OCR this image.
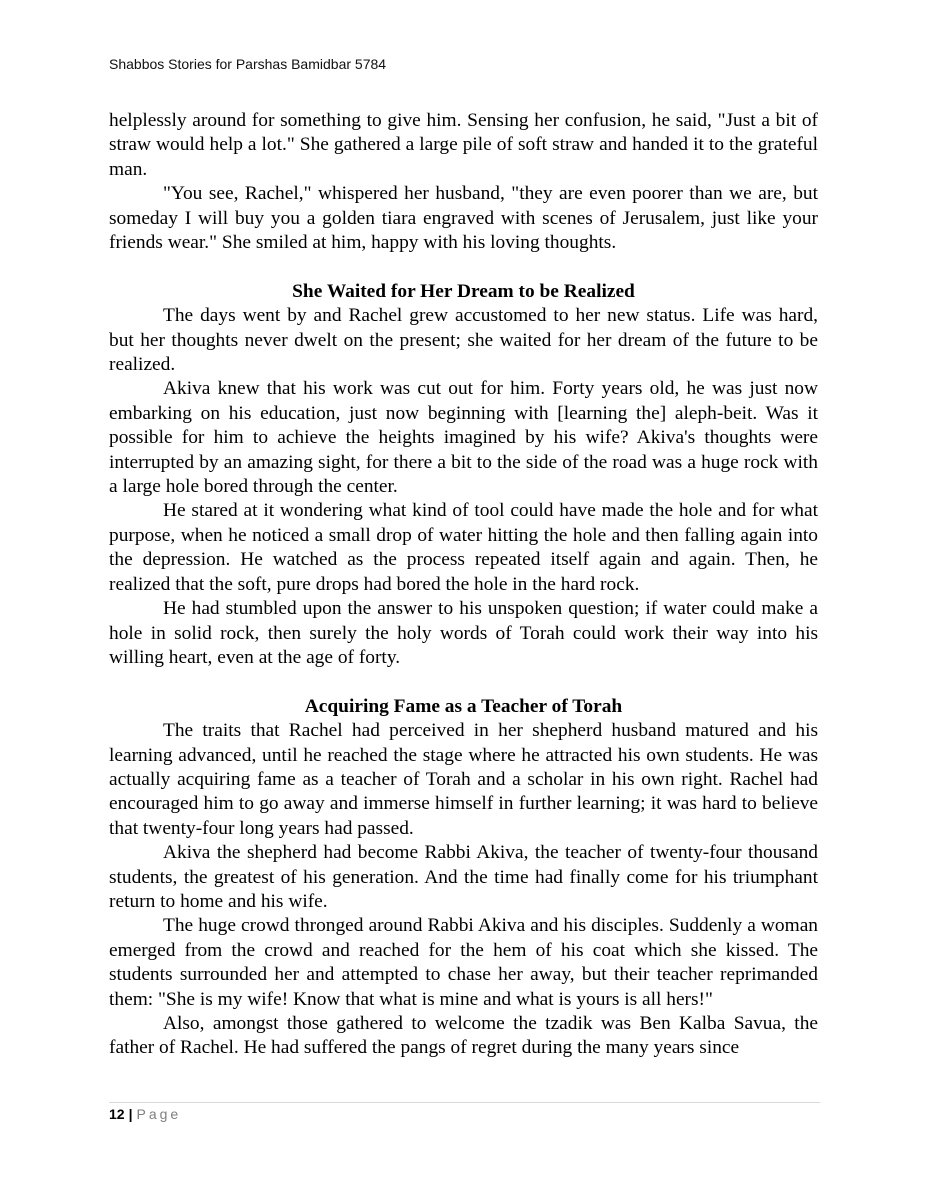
Shabbos Stories for Parshas Bamidbar 5784

helplessly around for something to give him. Sensing her confusion, he said, "Just a bit of straw would help a lot." She gathered a large pile of soft straw and handed it to the grateful man.

"You see, Rachel," whispered her husband, "they are even poorer than we are, but someday I will buy you a golden tiara engraved with scenes of Jerusalem, just like your friends wear." She smiled at him, happy with his loving thoughts.

She Waited for Her Dream to be Realized

The days went by and Rachel grew accustomed to her new status. Life was hard, but her thoughts never dwelt on the present; she waited for her dream of the future to be realized.

Akiva knew that his work was cut out for him. Forty years old, he was just now embarking on his education, just now beginning with [learning the] aleph-beit. Was it possible for him to achieve the heights imagined by his wife? Akiva's thoughts were interrupted by an amazing sight, for there a bit to the side of the road was a huge rock with a large hole bored through the center.

He stared at it wondering what kind of tool could have made the hole and for what purpose, when he noticed a small drop of water hitting the hole and then falling again into the depression. He watched as the process repeated itself again and again. Then, he realized that the soft, pure drops had bored the hole in the hard rock.

He had stumbled upon the answer to his unspoken question; if water could make a hole in solid rock, then surely the holy words of Torah could work their way into his willing heart, even at the age of forty.

Acquiring Fame as a Teacher of Torah

The traits that Rachel had perceived in her shepherd husband matured and his learning advanced, until he reached the stage where he attracted his own students. He was actually acquiring fame as a teacher of Torah and a scholar in his own right. Rachel had encouraged him to go away and immerse himself in further learning; it was hard to believe that twenty-four long years had passed.

Akiva the shepherd had become Rabbi Akiva, the teacher of twenty-four thousand students, the greatest of his generation. And the time had finally come for his triumphant return to home and his wife.

The huge crowd thronged around Rabbi Akiva and his disciples. Suddenly a woman emerged from the crowd and reached for the hem of his coat which she kissed. The students surrounded her and attempted to chase her away, but their teacher reprimanded them: "She is my wife! Know that what is mine and what is yours is all hers!"

Also, amongst those gathered to welcome the tzadik was Ben Kalba Savua, the father of Rachel. He had suffered the pangs of regret during the many years since

12 | Page
